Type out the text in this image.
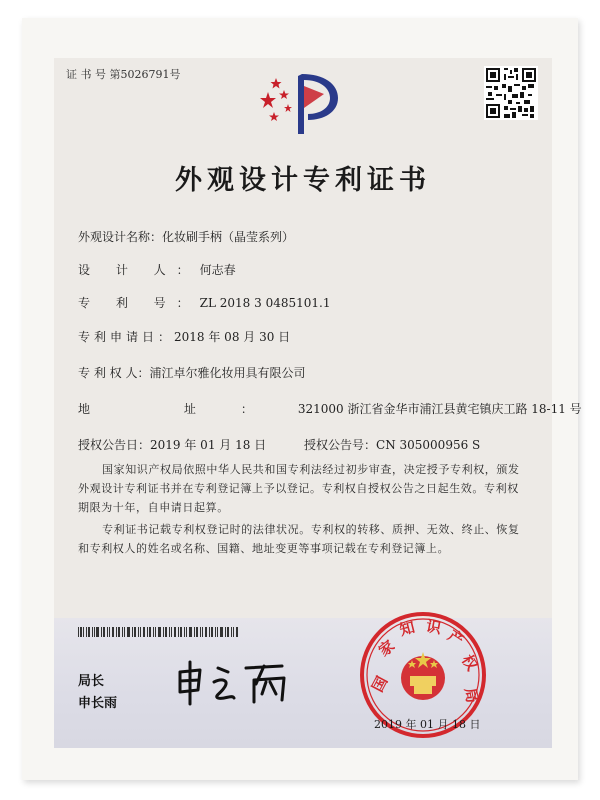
证 书 号 第5026791号
外观设计专利证书
外观设计名称：化妆刷手柄（晶莹系列）
设 计 人：何志春
专 利 号：ZL 2018 3 0485101.1
专利申请日：2018 年 08 月 30 日
专 利 权 人：浦江卓尔雅化妆用具有限公司
地 址：321000 浙江省金华市浦江县黄宅镇庆工路 18-11 号
授权公告日：2019 年 01 月 18 日	授权公告号：CN 305000956 S
国家知识产权局依照中华人民共和国专利法经过初步审查，决定授予专利权，颁发外观设计专利证书并在专利登记簿上予以登记。专利权自授权公告之日起生效。专利权期限为十年，自申请日起算。
专利证书记载专利权登记时的法律状况。专利权的转移、质押、无效、终止、恢复和专利权人的姓名或名称、国籍、地址变更等事项记载在专利登记簿上。
局长
申长雨
国
家
知 识 产
权
局
2019 年 01 月 18 日
